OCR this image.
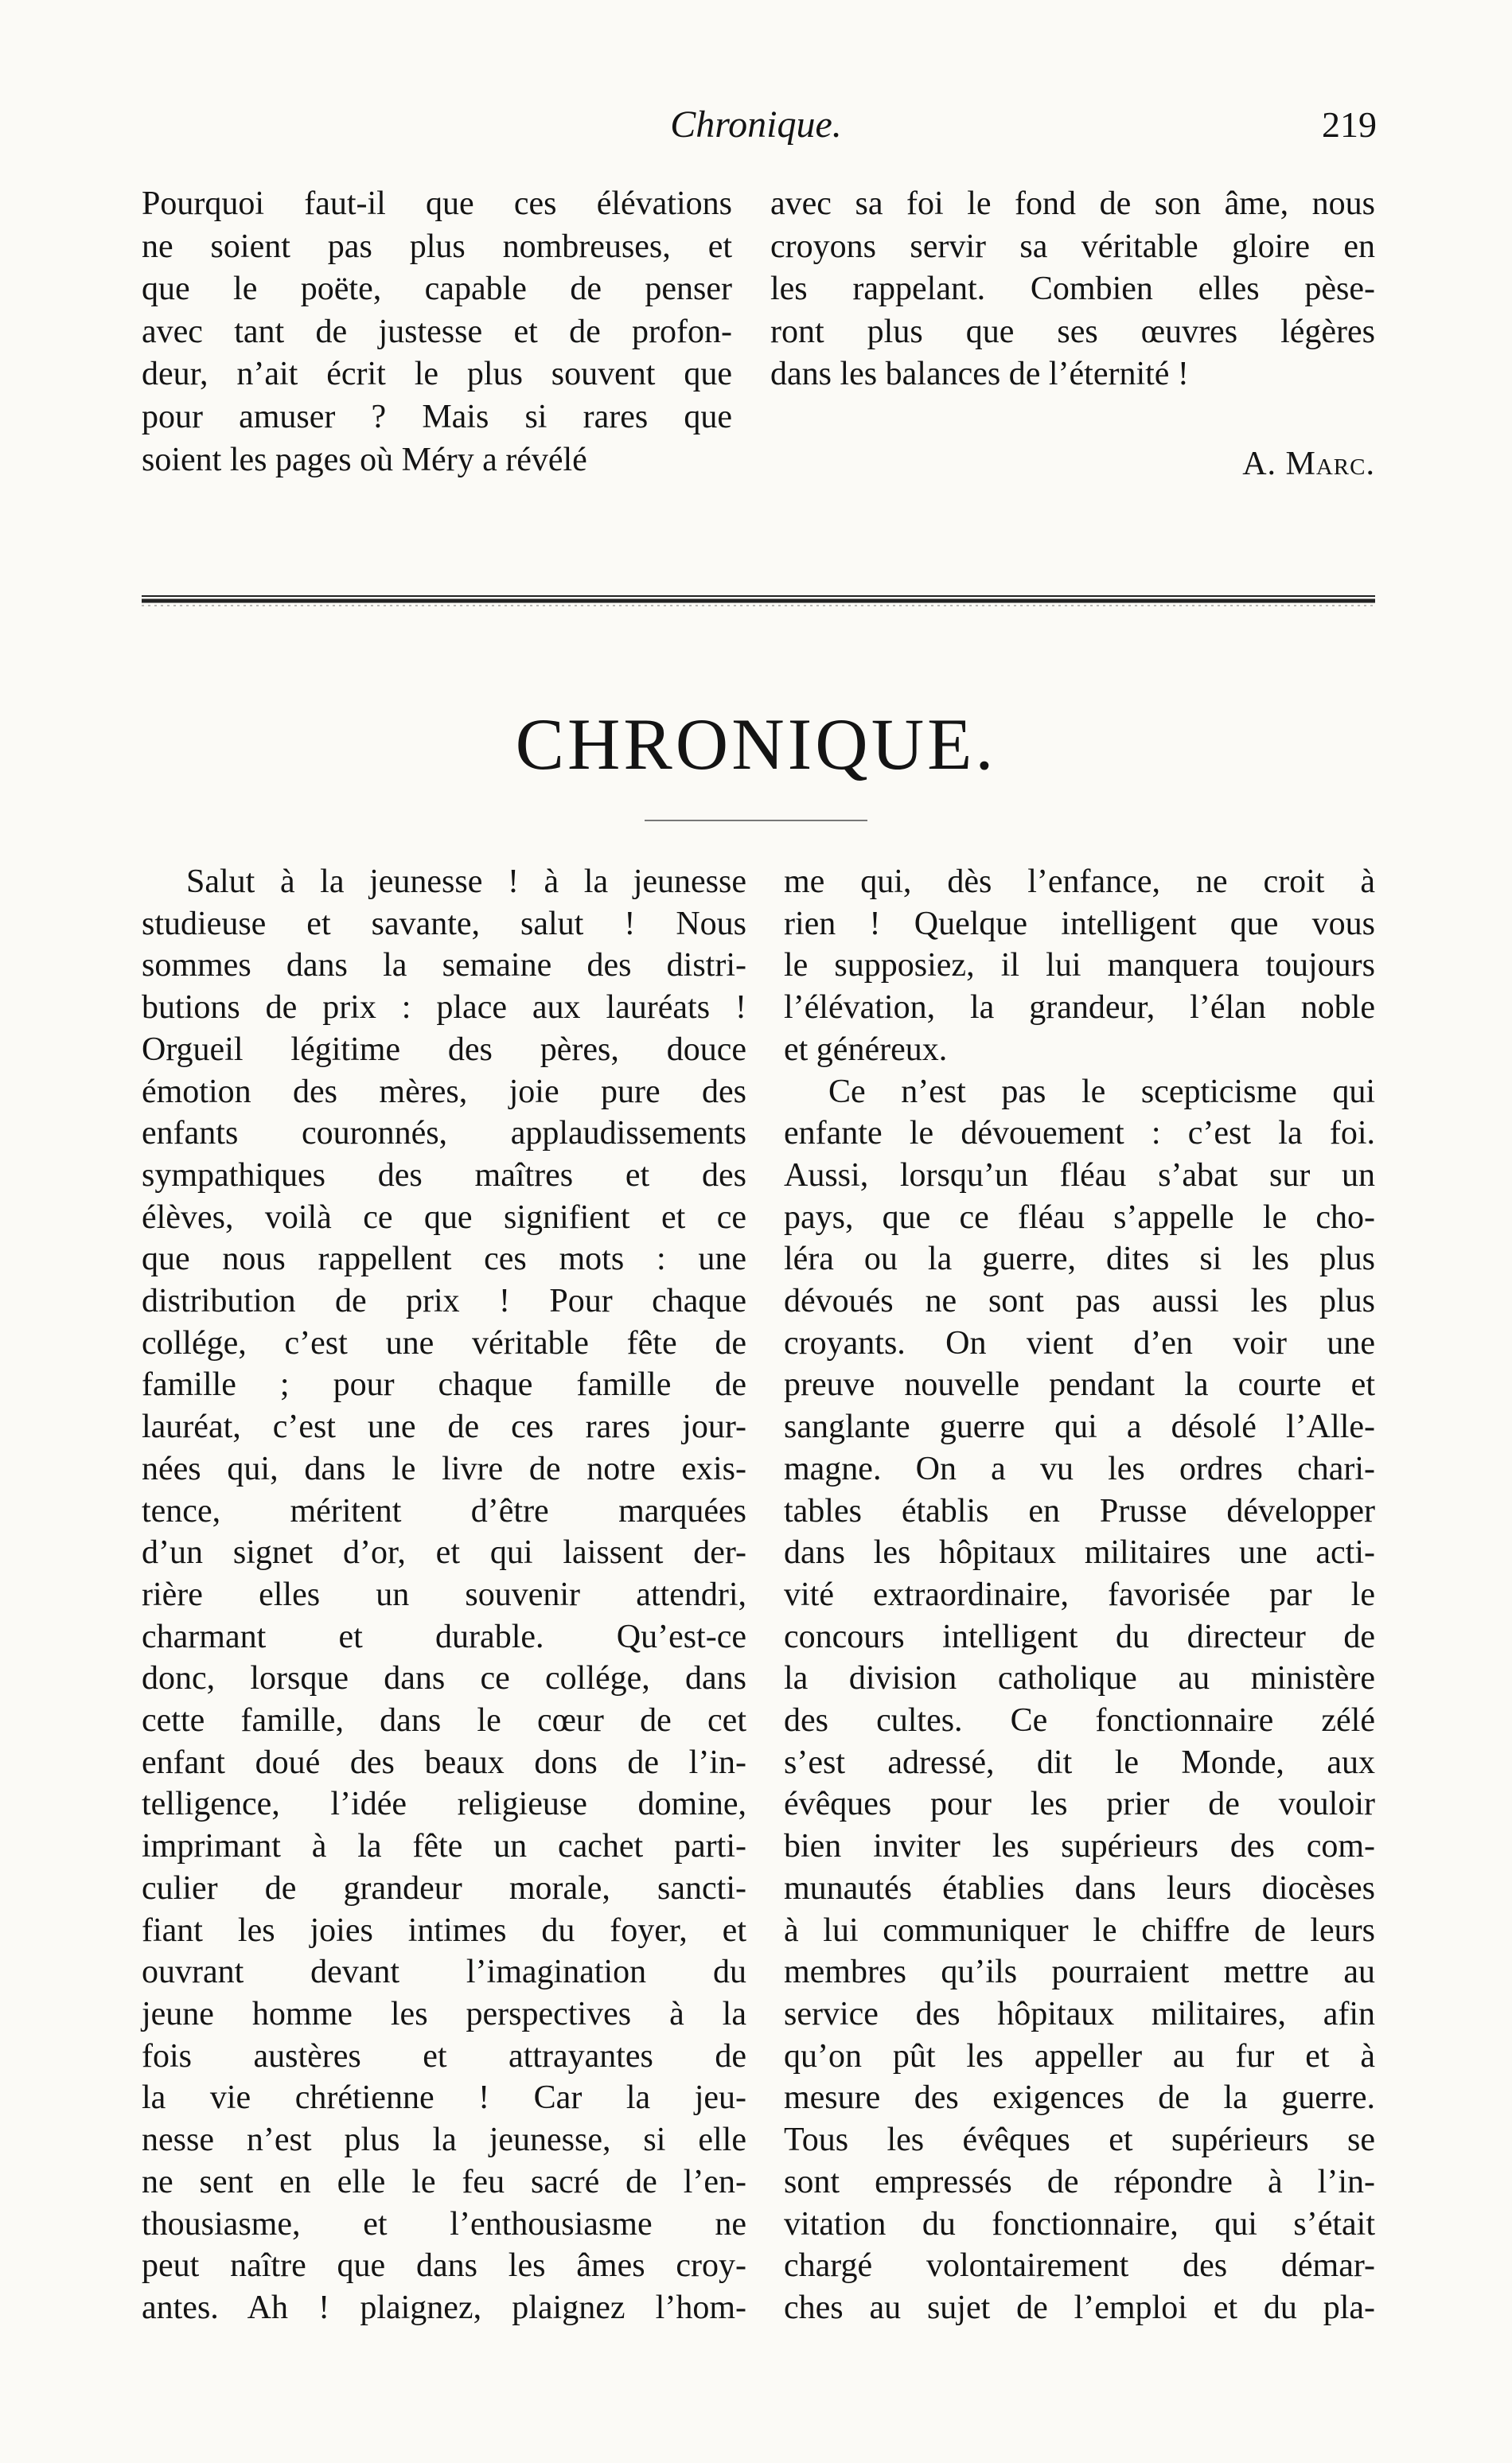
Chronique.	219
Pourquoi faut-il que ces élévations
ne soient pas plus nombreuses, et
que le poëte, capable de penser
avec tant de justesse et de profon-
deur, n’ait écrit le plus souvent que
pour amuser ? Mais si rares que
soient les pages où Méry a révélé
avec sa foi le fond de son âme, nous
croyons servir sa véritable gloire en
les rappelant. Combien elles pèse-
ront plus que ses œuvres légères
dans les balances de l’éternité !
A. Marc.
CHRONIQUE.
Salut à la jeunesse ! à la jeunesse
studieuse et savante, salut ! Nous
sommes dans la semaine des distri-
butions de prix : place aux lauréats !
Orgueil légitime des pères, douce
émotion des mères, joie pure des
enfants couronnés, applaudissements
sympathiques des maîtres et des
élèves, voilà ce que signifient et ce
que nous rappellent ces mots : une
distribution de prix ! Pour chaque
collége, c’est une véritable fête de
famille ; pour chaque famille de
lauréat, c’est une de ces rares jour-
nées qui, dans le livre de notre exis-
tence, méritent d’être marquées
d’un signet d’or, et qui laissent der-
rière elles un souvenir attendri,
charmant et durable. Qu’est-ce
donc, lorsque dans ce collége, dans
cette famille, dans le cœur de cet
enfant doué des beaux dons de l’in-
telligence, l’idée religieuse domine,
imprimant à la fête un cachet parti-
culier de grandeur morale, sancti-
fiant les joies intimes du foyer, et
ouvrant devant l’imagination du
jeune homme les perspectives à la
fois austères et attrayantes de
la vie chrétienne ! Car la jeu-
nesse n’est plus la jeunesse, si elle
ne sent en elle le feu sacré de l’en-
thousiasme, et l’enthousiasme ne
peut naître que dans les âmes croy-
antes. Ah ! plaignez, plaignez l’hom-
me qui, dès l’enfance, ne croit à
rien ! Quelque intelligent que vous
le supposiez, il lui manquera toujours
l’élévation, la grandeur, l’élan noble
et généreux.
Ce n’est pas le scepticisme qui
enfante le dévouement : c’est la foi.
Aussi, lorsqu’un fléau s’abat sur un
pays, que ce fléau s’appelle le cho-
léra ou la guerre, dites si les plus
dévoués ne sont pas aussi les plus
croyants. On vient d’en voir une
preuve nouvelle pendant la courte et
sanglante guerre qui a désolé l’Alle-
magne. On a vu les ordres chari-
tables établis en Prusse développer
dans les hôpitaux militaires une acti-
vité extraordinaire, favorisée par le
concours intelligent du directeur de
la division catholique au ministère
des cultes. Ce fonctionnaire zélé
s’est adressé, dit le Monde, aux
évêques pour les prier de vouloir
bien inviter les supérieurs des com-
munautés établies dans leurs diocèses
à lui communiquer le chiffre de leurs
membres qu’ils pourraient mettre au
service des hôpitaux militaires, afin
qu’on pût les appeller au fur et à
mesure des exigences de la guerre.
Tous les évêques et supérieurs se
sont empressés de répondre à l’in-
vitation du fonctionnaire, qui s’était
chargé volontairement des démar-
ches au sujet de l’emploi et du pla-
